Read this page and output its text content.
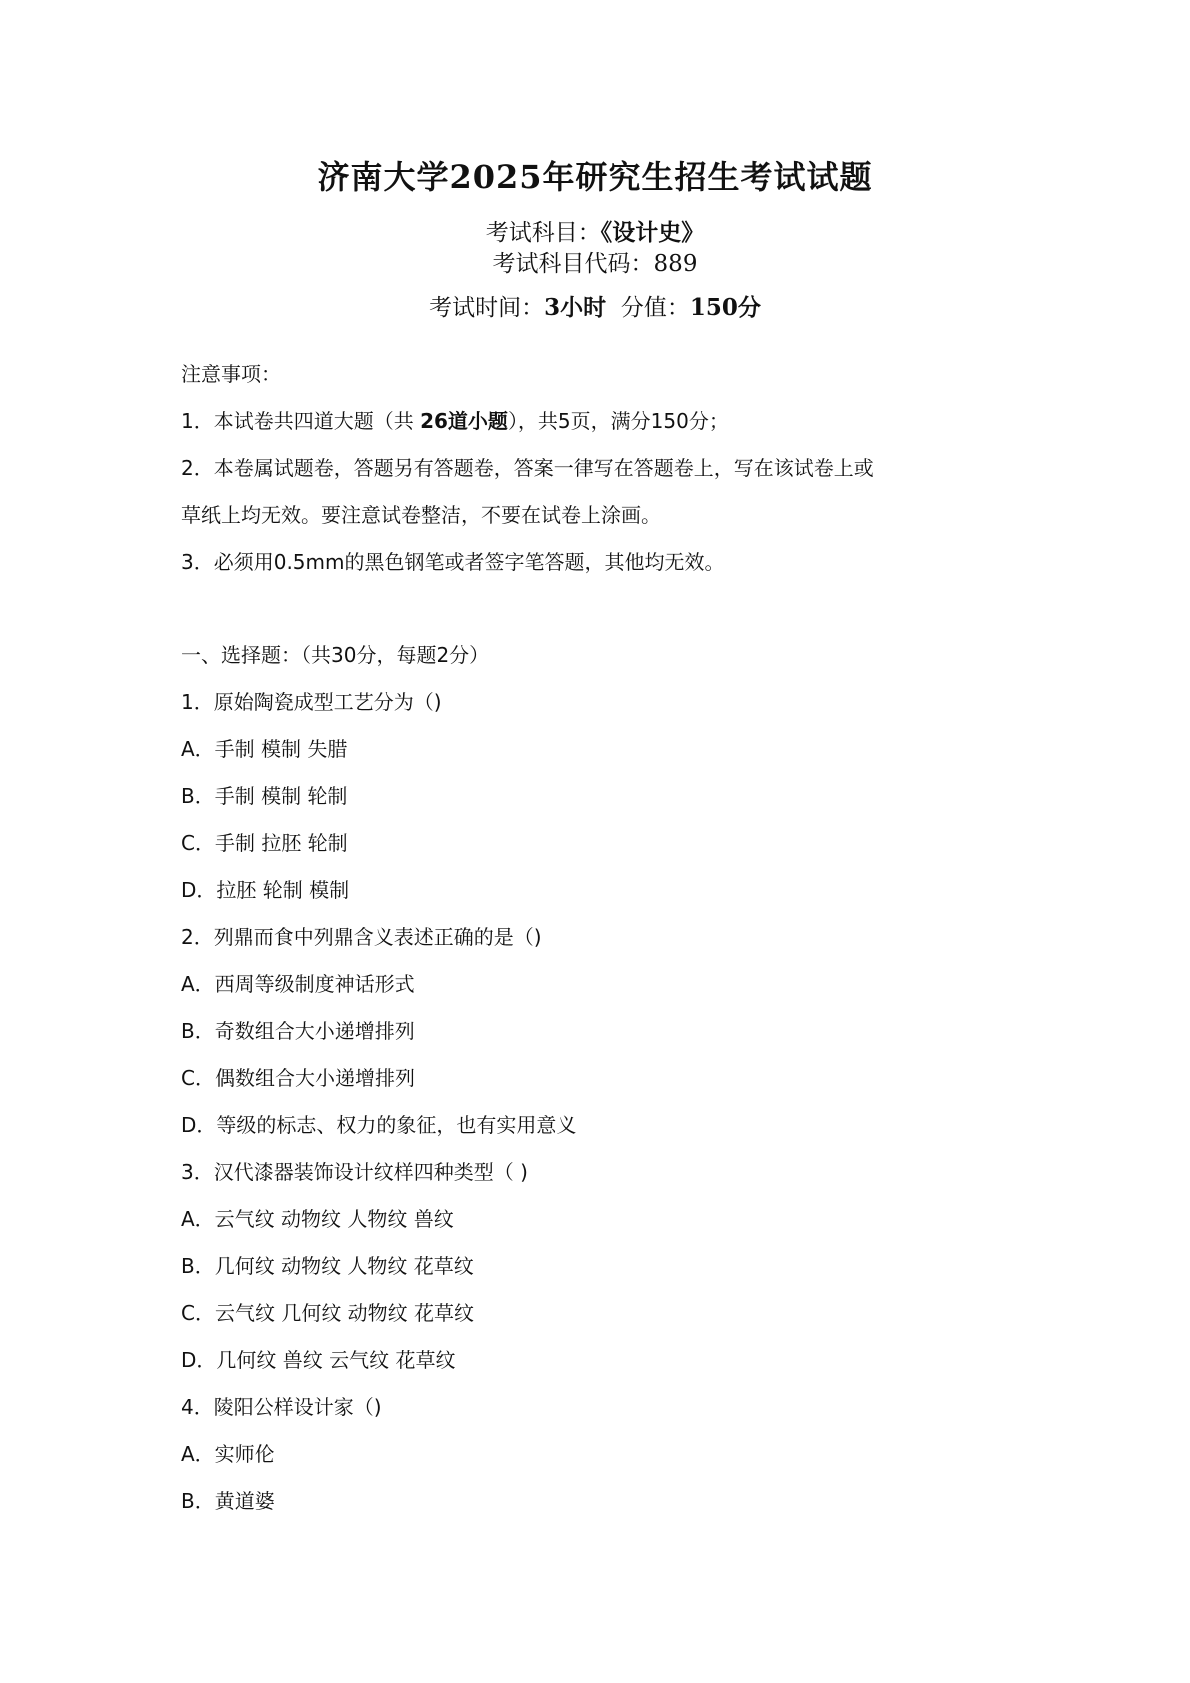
济南大学2025年研究生招生考试试题
考试科目：《设计史》
考试科目代码：889
考试时间：3小时 分值：150分
注意事项：
1．本试卷共四道大题（共 26道小题），共5页，满分150分；
2．本卷属试题卷，答题另有答题卷，答案一律写在答题卷上，写在该试卷上或
草纸上均无效。要注意试卷整洁，不要在试卷上涂画。
3．必须用0.5mm的黑色钢笔或者签字笔答题，其他均无效。
一、选择题：（共30分，每题2分）
1．原始陶瓷成型工艺分为（)
A．手制 模制 失腊
B．手制 模制 轮制
C．手制 拉胚 轮制
D．拉胚 轮制 模制
2．列鼎而食中列鼎含义表述正确的是（)
A．西周等级制度神话形式
B．奇数组合大小递增排列
C．偶数组合大小递增排列
D．等级的标志、权力的象征，也有实用意义
3．汉代漆器装饰设计纹样四种类型（ )
A．云气纹 动物纹 人物纹 兽纹
B．几何纹 动物纹 人物纹 花草纹
C．云气纹 几何纹 动物纹 花草纹
D．几何纹 兽纹 云气纹 花草纹
4．陵阳公样设计家（)
A．实师伦
B．黄道婆
